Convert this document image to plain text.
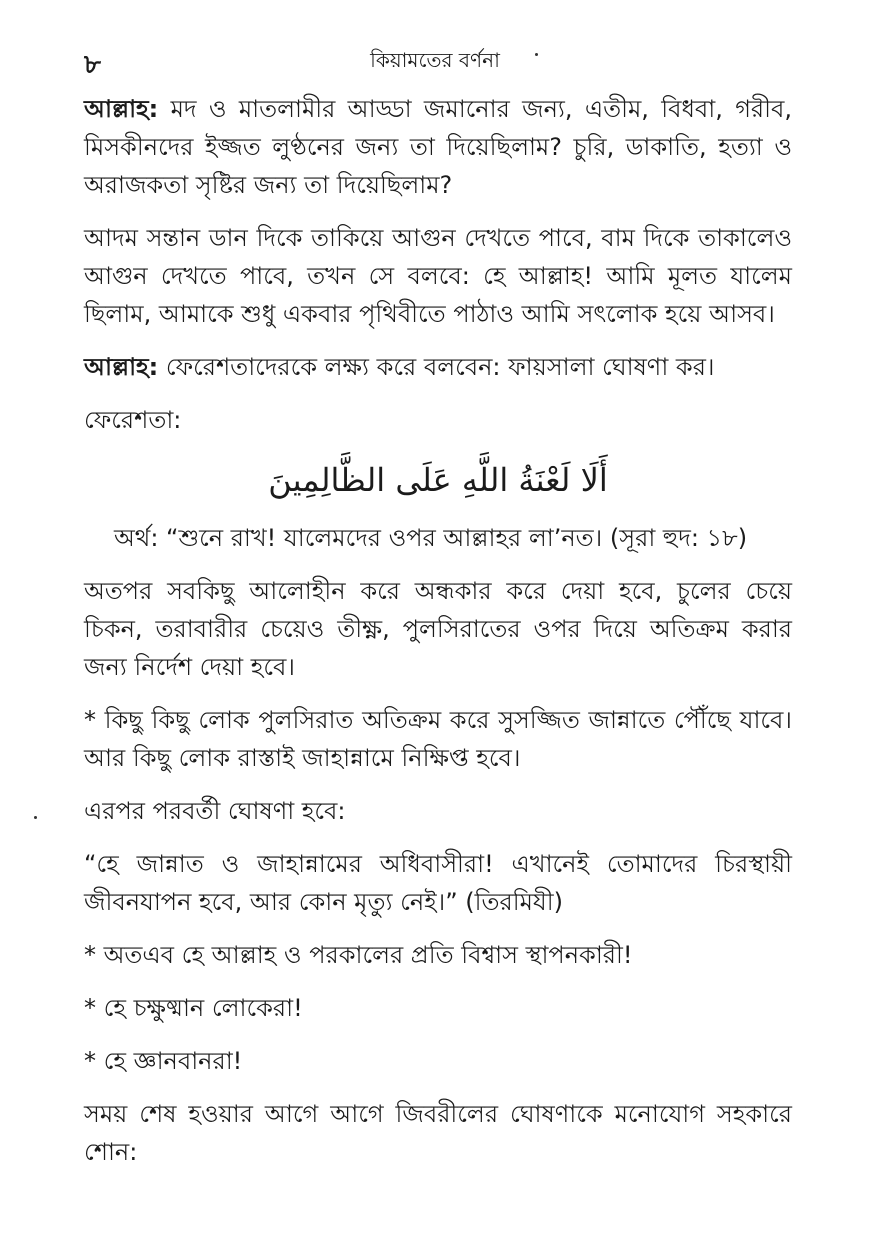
৮	কিয়ামতের বর্ণনা

আল্লাহ: মদ ও মাতলামীর আড্ডা জমানোর জন্য, এতীম, বিধবা, গরীব, মিসকীনদের ইজ্জত লুণ্ঠনের জন্য তা দিয়েছিলাম? চুরি, ডাকাতি, হত্যা ও অরাজকতা সৃষ্টির জন্য তা দিয়েছিলাম?

আদম সন্তান ডান দিকে তাকিয়ে আগুন দেখতে পাবে, বাম দিকে তাকালেও আগুন দেখতে পাবে, তখন সে বলবে: হে আল্লাহ! আমি মূলত যালেম ছিলাম, আমাকে শুধু একবার পৃথিবীতে পাঠাও আমি সৎলোক হয়ে আসব।

আল্লাহ: ফেরেশতাদেরকে লক্ষ্য করে বলবেন: ফায়সালা ঘোষণা কর।

ফেরেশতা:

أَلَا لَعْنَةُ اللَّهِ عَلَى الظَّالِمِينَ

অর্থ: “শুনে রাখ! যালেমদের ওপর আল্লাহর লা’নত। (সূরা হুদ: ১৮)

অতপর সবকিছু আলোহীন করে অন্ধকার করে দেয়া হবে, চুলের চেয়ে চিকন, তরাবারীর চেয়েও তীক্ষ্ণ, পুলসিরাতের ওপর দিয়ে অতিক্রম করার জন্য নির্দেশ দেয়া হবে।

* কিছু কিছু লোক পুলসিরাত অতিক্রম করে সুসজ্জিত জান্নাতে পৌঁছে যাবে। আর কিছু লোক রাস্তাই জাহান্নামে নিক্ষিপ্ত হবে।

এরপর পরবর্তী ঘোষণা হবে:

“হে জান্নাত ও জাহান্নামের অধিবাসীরা! এখানেই তোমাদের চিরস্থায়ী জীবনযাপন হবে, আর কোন মৃত্যু নেই।” (তিরমিযী)

* অতএব হে আল্লাহ ও পরকালের প্রতি বিশ্বাস স্থাপনকারী!

* হে চক্ষুষ্মান লোকেরা!

* হে জ্ঞানবানরা!

সময় শেষ হওয়ার আগে আগে জিবরীলের ঘোষণাকে মনোযোগ সহকারে শোন:
